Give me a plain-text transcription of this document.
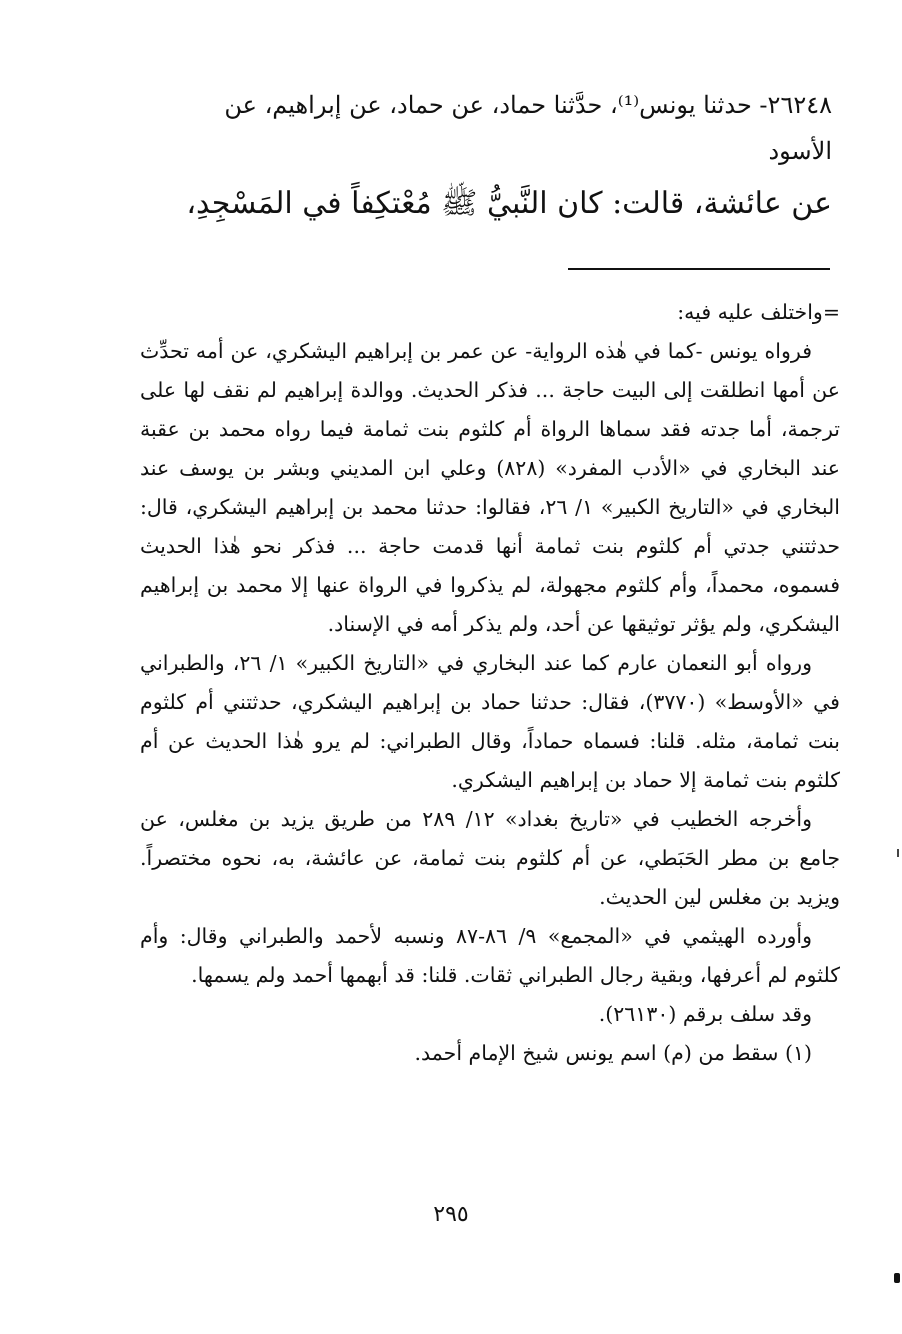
٢٦٢٤٨- حدثنا يونس⁽¹⁾، حدَّثنا حماد، عن حماد، عن إبراهيم، عن
الأسود
عن عائشة، قالت: كان النَّبيُّ ﷺ مُعْتكِفاً في المَسْجِدِ،

=واختلف عليه فيه:

فرواه يونس -كما في هٰذه الرواية- عن عمر بن إبراهيم اليشكري، عن أمه تحدِّث عن أمها انطلقت إلى البيت حاجة ... فذكر الحديث. ووالدة إبراهيم لم نقف لها على ترجمة، أما جدته فقد سماها الرواة أم كلثوم بنت ثمامة فيما رواه محمد بن عقبة عند البخاري في «الأدب المفرد» (٨٢٨) وعلي ابن المديني وبشر بن يوسف عند البخاري في «التاريخ الكبير» ١/ ٢٦، فقالوا: حدثنا محمد بن إبراهيم اليشكري، قال: حدثتني جدتي أم كلثوم بنت ثمامة أنها قدمت حاجة ... فذكر نحو هٰذا الحديث فسموه، محمداً، وأم كلثوم مجهولة، لم يذكروا في الرواة عنها إلا محمد بن إبراهيم اليشكري، ولم يؤثر توثيقها عن أحد، ولم يذكر أمه في الإسناد.

ورواه أبو النعمان عارم كما عند البخاري في «التاريخ الكبير» ١/ ٢٦، والطبراني في «الأوسط» (٣٧٧٠)، فقال: حدثنا حماد بن إبراهيم اليشكري، حدثتني أم كلثوم بنت ثمامة، مثله. قلنا: فسماه حماداً، وقال الطبراني: لم يرو هٰذا الحديث عن أم كلثوم بنت ثمامة إلا حماد بن إبراهيم اليشكري.

وأخرجه الخطيب في «تاريخ بغداد» ١٢/ ٢٨٩ من طريق يزيد بن مغلس، عن جامع بن مطر الحَبَطي، عن أم كلثوم بنت ثمامة، عن عائشة، به، نحوه مختصراً. ويزيد بن مغلس لين الحديث.

وأورده الهيثمي في «المجمع» ٩/ ٨٦-٨٧ ونسبه لأحمد والطبراني وقال: وأم كلثوم لم أعرفها، وبقية رجال الطبراني ثقات. قلنا: قد أبهمها أحمد ولم يسمها.

وقد سلف برقم (٢٦١٣٠).

(١) سقط من (م) اسم يونس شيخ الإمام أحمد.

٢٩٥
